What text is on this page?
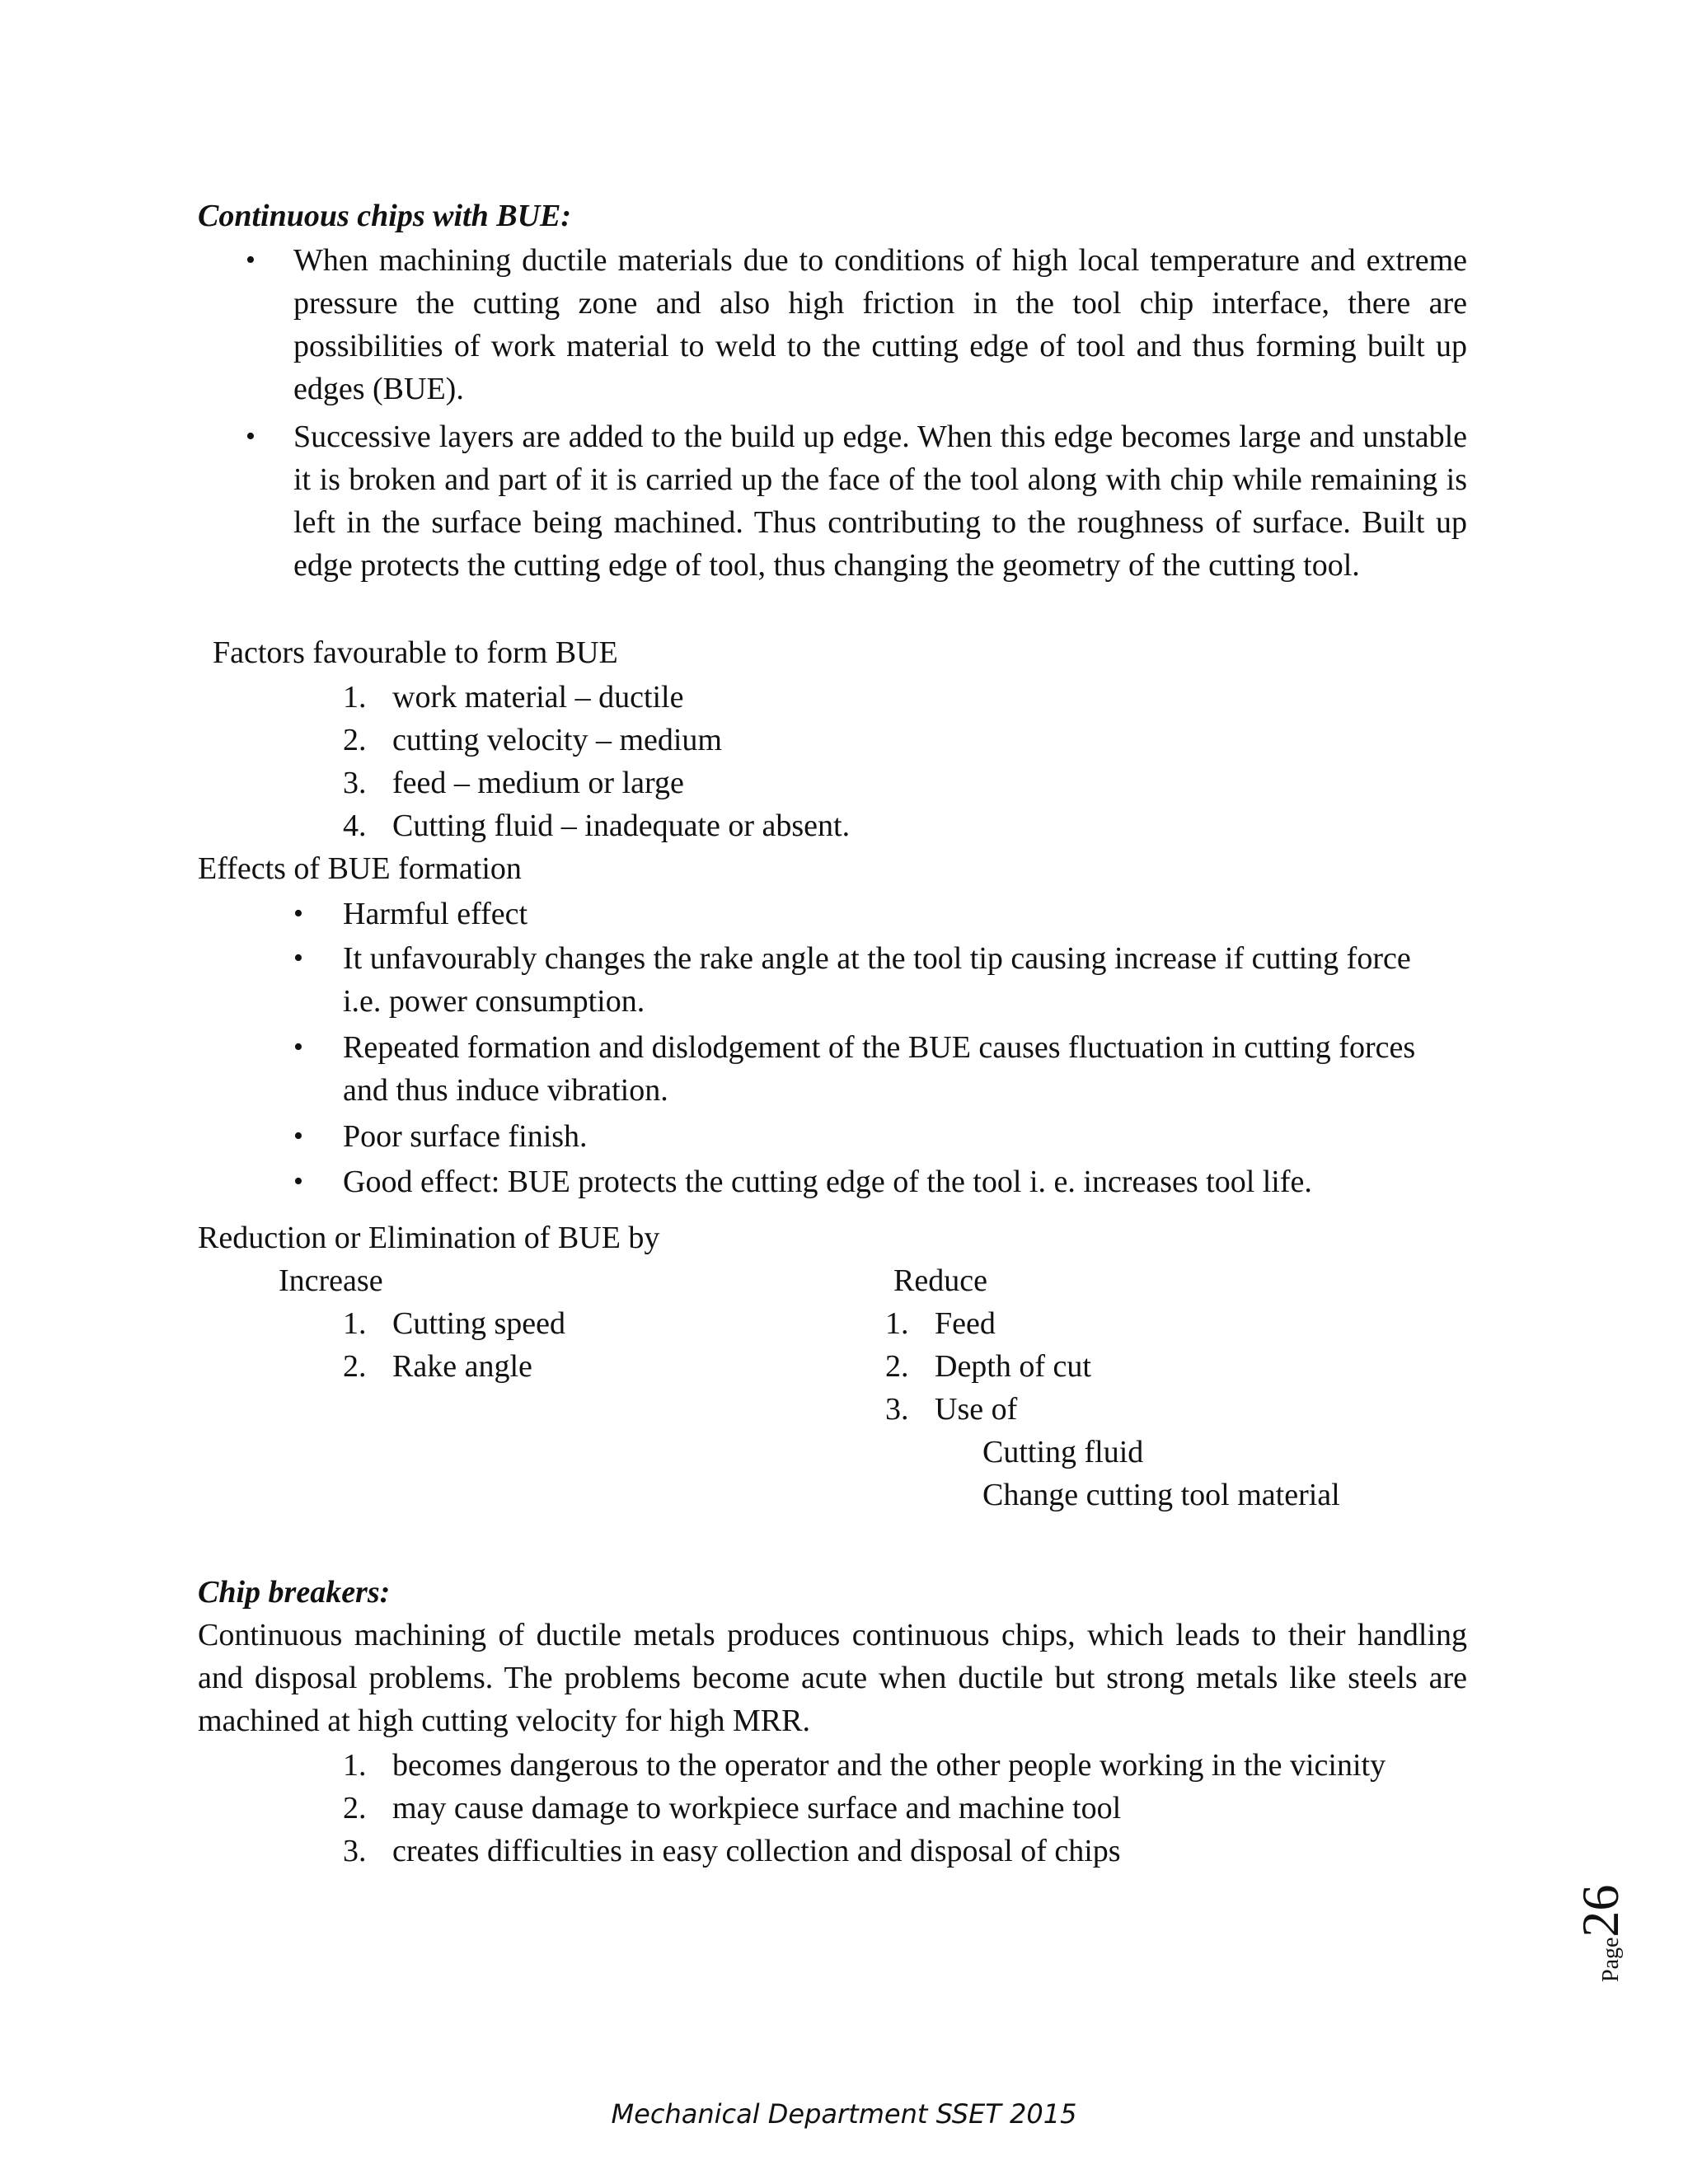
Continuous chips with BUE:
• When machining ductile materials due to conditions of high local temperature and extreme pressure the cutting zone and also high friction in the tool chip interface, there are possibilities of work material to weld to the cutting edge of tool and thus forming built up edges (BUE).
• Successive layers are added to the build up edge. When this edge becomes large and unstable it is broken and part of it is carried up the face of the tool along with chip while remaining is left in the surface being machined. Thus contributing to the roughness of surface. Built up edge protects the cutting edge of tool, thus changing the geometry of the cutting tool.
Factors favourable to form BUE
1. work material – ductile
2. cutting velocity – medium
3. feed – medium or large
4. Cutting fluid – inadequate or absent.
Effects of BUE formation
• Harmful effect
• It unfavourably changes the rake angle at the tool tip causing increase if cutting force
i.e. power consumption.
• Repeated formation and dislodgement of the BUE causes fluctuation in cutting forces
and thus induce vibration.
• Poor surface finish.
• Good effect: BUE protects the cutting edge of the tool i. e. increases tool life.
Reduction or Elimination of BUE by
Increase
1. Cutting speed
2. Rake angle
Reduce
1. Feed
2. Depth of cut
3. Use of
Cutting fluid
Change cutting tool material
Chip breakers:
Continuous machining of ductile metals produces continuous chips, which leads to their handling and disposal problems. The problems become acute when ductile but strong metals like steels are machined at high cutting velocity for high MRR.
1. becomes dangerous to the operator and the other people working in the vicinity
2. may cause damage to workpiece surface and machine tool
3. creates difficulties in easy collection and disposal of chips
Page26
Mechanical Department SSET 2015
